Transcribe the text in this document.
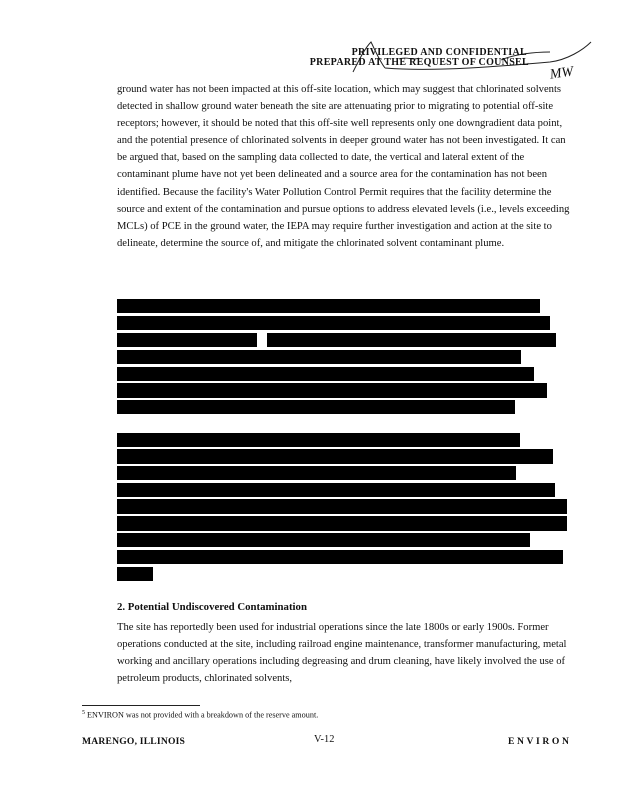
PRIVILEGED AND CONFIDENTIAL
PREPARED AT THE REQUEST OF COUNSEL
MW

ground water has not been impacted at this off-site location, which may suggest that chlorinated solvents detected in shallow ground water beneath the site are attenuating prior to migrating to potential off-site receptors; however, it should be noted that this off-site well represents only one downgradient data point, and the potential presence of chlorinated solvents in deeper ground water has not been investigated. It can be argued that, based on the sampling data collected to date, the vertical and lateral extent of the contaminant plume have not yet been delineated and a source area for the contamination has not been identified. Because the facility's Water Pollution Control Permit requires that the facility determine the source and extent of the contamination and pursue options to address elevated levels (i.e., levels exceeding MCLs) of PCE in the ground water, the IEPA may require further investigation and action at the site to delineate, determine the source of, and mitigate the chlorinated solvent contaminant plume.

2. Potential Undiscovered Contamination

The site has reportedly been used for industrial operations since the late 1800s or early 1900s. Former operations conducted at the site, including railroad engine maintenance, transformer manufacturing, metal working and ancillary operations including degreasing and drum cleaning, have likely involved the use of petroleum products, chlorinated solvents,

$^5$ ENVIRON was not provided with a breakdown of the reserve amount.

MARENGO, ILLINOIS	V-12	ENVIRON
